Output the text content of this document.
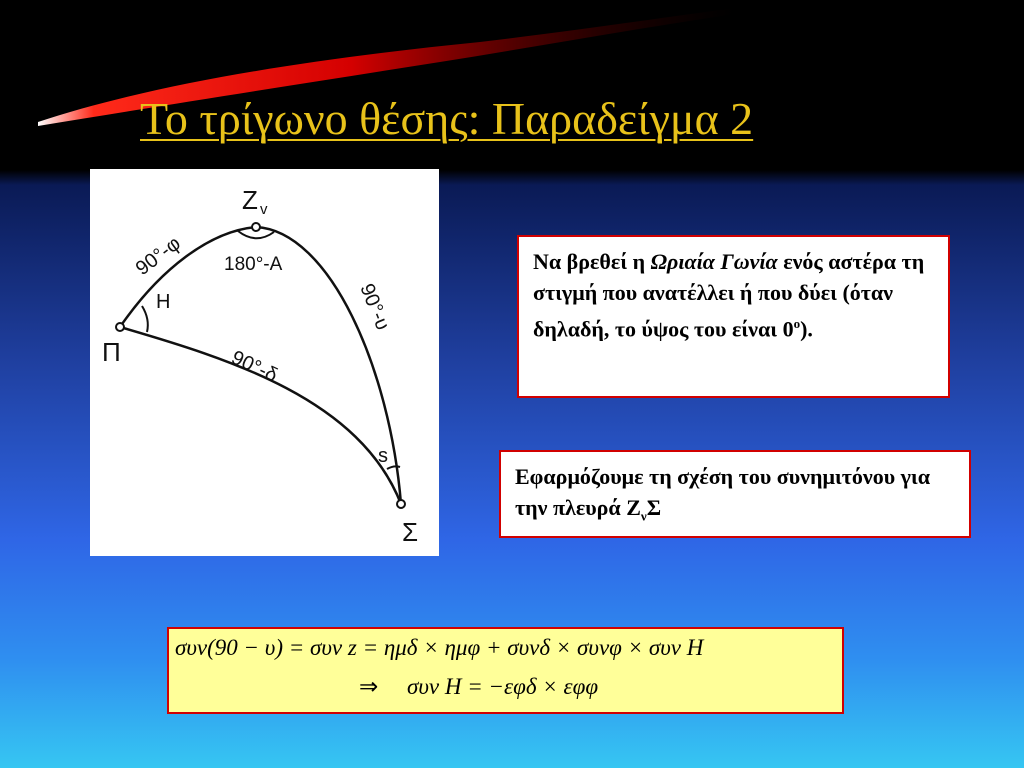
Το τρίγωνο θέσης: Παραδείγμα 2
Z v
Π
Σ
H
s
180°-A
90°-φ
90°-δ
90°-υ
Να βρεθεί η Ωριαία Γωνία ενός αστέρα τη στιγμή που ανατέλλει ή που δύει (όταν δηλαδή, το ύψος του είναι $0^o$).
Εφαρμόζουμε τη σχέση του συνημιτόνου για την πλευρά $Z_\nu\Sigma$
συν(90 − υ) = συν z = ημδ × ημφ + συνδ × συνφ × συν Η
⇒ συν Η = −εφδ × εφφ
